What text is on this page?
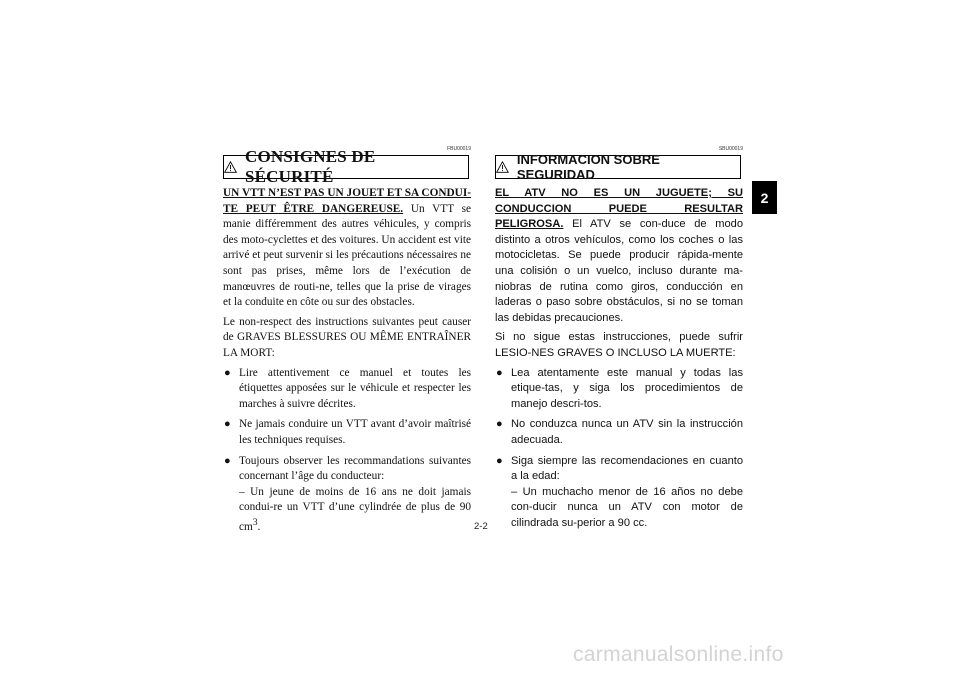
FBU00019
CONSIGNES DE SÉCURITÉ

UN VTT N’EST PAS UN JOUET ET SA CONDUI-TE PEUT ÊTRE DANGEREUSE. Un VTT se manie différemment des autres véhicules, y compris des moto-cyclettes et des voitures. Un accident est vite arrivé et peut survenir si les précautions nécessaires ne sont pas prises, même lors de l’exécution de manœuvres de routi-ne, telles que la prise de virages et la conduite en côte ou sur des obstacles.

Le non-respect des instructions suivantes peut causer de GRAVES BLESSURES OU MÊME ENTRAÎNER LA MORT:

● Lire attentivement ce manuel et toutes les étiquettes apposées sur le véhicule et respecter les marches à suivre décrites.
● Ne jamais conduire un VTT avant d’avoir maîtrisé les techniques requises.
● Toujours observer les recommandations suivantes concernant l’âge du conducteur:
– Un jeune de moins de 16 ans ne doit jamais condui-re un VTT d’une cylindrée de plus de 90 $cm^3$.
SBU00019
INFORMACION SOBRE SEGURIDAD

EL ATV NO ES UN JUGUETE; SU CONDUCCION PUEDE RESULTAR PELIGROSA. El ATV se con-duce de modo distinto a otros vehículos, como los coches o las motocicletas. Se puede producir rápida-mente una colisión o un vuelco, incluso durante ma-niobras de rutina como giros, conducción en laderas o paso sobre obstáculos, si no se toman las debidas precauciones.

Si no sigue estas instrucciones, puede sufrir LESIO-NES GRAVES O INCLUSO LA MUERTE:

● Lea atentamente este manual y todas las etique-tas, y siga los procedimientos de manejo descri-tos.
● No conduzca nunca un ATV sin la instrucción adecuada.
● Siga siempre las recomendaciones en cuanto a la edad:
– Un muchacho menor de 16 años no debe con-ducir nunca un ATV con motor de cilindrada su-perior a 90 cc.
2-2
2
carmanualsonline.info
